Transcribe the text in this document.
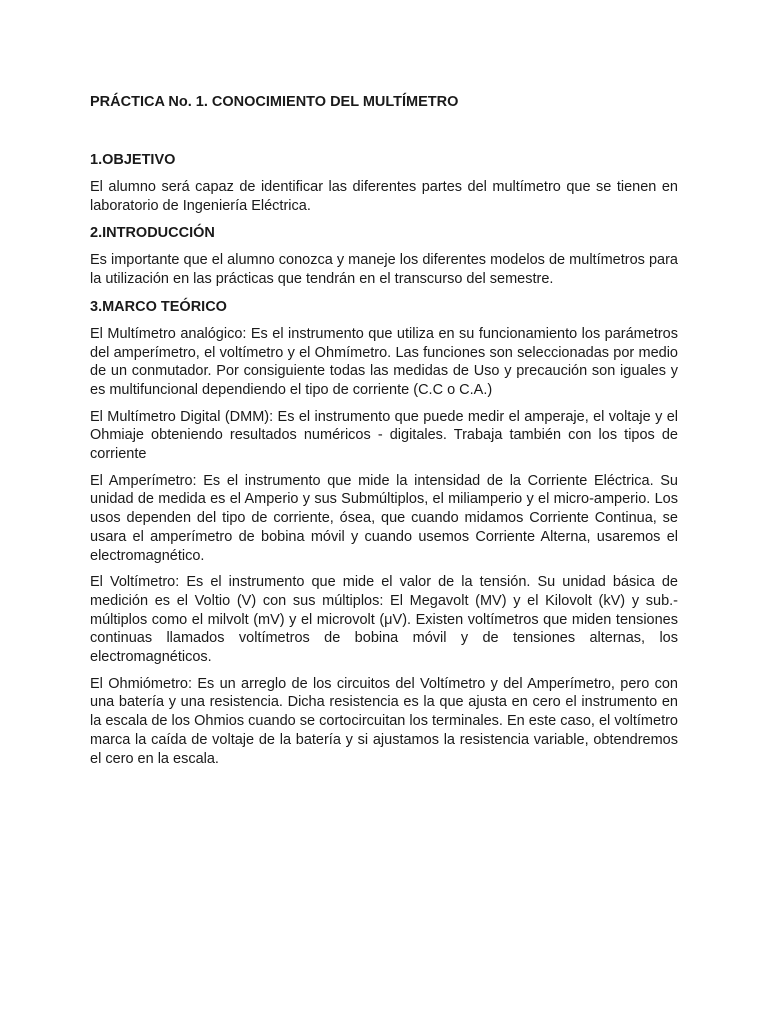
PRÁCTICA No. 1. CONOCIMIENTO DEL MULTÍMETRO
1.OBJETIVO

El alumno será capaz de identificar las diferentes partes del multímetro que se tienen en laboratorio de Ingeniería Eléctrica.

2.INTRODUCCIÓN

Es importante que el alumno conozca y maneje los diferentes modelos de multímetros para la utilización en las prácticas que tendrán en el transcurso del semestre.

3.MARCO TEÓRICO

El Multímetro analógico: Es el instrumento que utiliza en su funcionamiento los parámetros del amperímetro, el voltímetro y el Ohmímetro. Las funciones son seleccionadas por medio de un conmutador. Por consiguiente todas las medidas de Uso y precaución son iguales y es multifuncional dependiendo el tipo de corriente (C.C o C.A.)

El Multímetro Digital (DMM): Es el instrumento que puede medir el amperaje, el voltaje y el Ohmiaje obteniendo resultados numéricos - digitales. Trabaja también con los tipos de corriente

El Amperímetro: Es el instrumento que mide la intensidad de la Corriente Eléctrica. Su unidad de medida es el Amperio y sus Submúltiplos, el miliamperio y el micro-amperio. Los usos dependen del tipo de corriente, ósea, que cuando midamos Corriente Continua, se usara el amperímetro de bobina móvil y cuando usemos Corriente Alterna, usaremos el electromagnético.

El Voltímetro: Es el instrumento que mide el valor de la tensión. Su unidad básica de medición es el Voltio (V) con sus múltiplos: El Megavolt (MV) y el Kilovolt (kV) y sub.-múltiplos como el milvolt (mV) y el microvolt (μV). Existen voltímetros que miden tensiones continuas llamados voltímetros de bobina móvil y de tensiones alternas, los electromagnéticos.

El Ohmiómetro: Es un arreglo de los circuitos del Voltímetro y del Amperímetro, pero con una batería y una resistencia. Dicha resistencia es la que ajusta en cero el instrumento en la escala de los Ohmios cuando se cortocircuitan los terminales. En este caso, el voltímetro marca la caída de voltaje de la batería y si ajustamos la resistencia variable, obtendremos el cero en la escala.
